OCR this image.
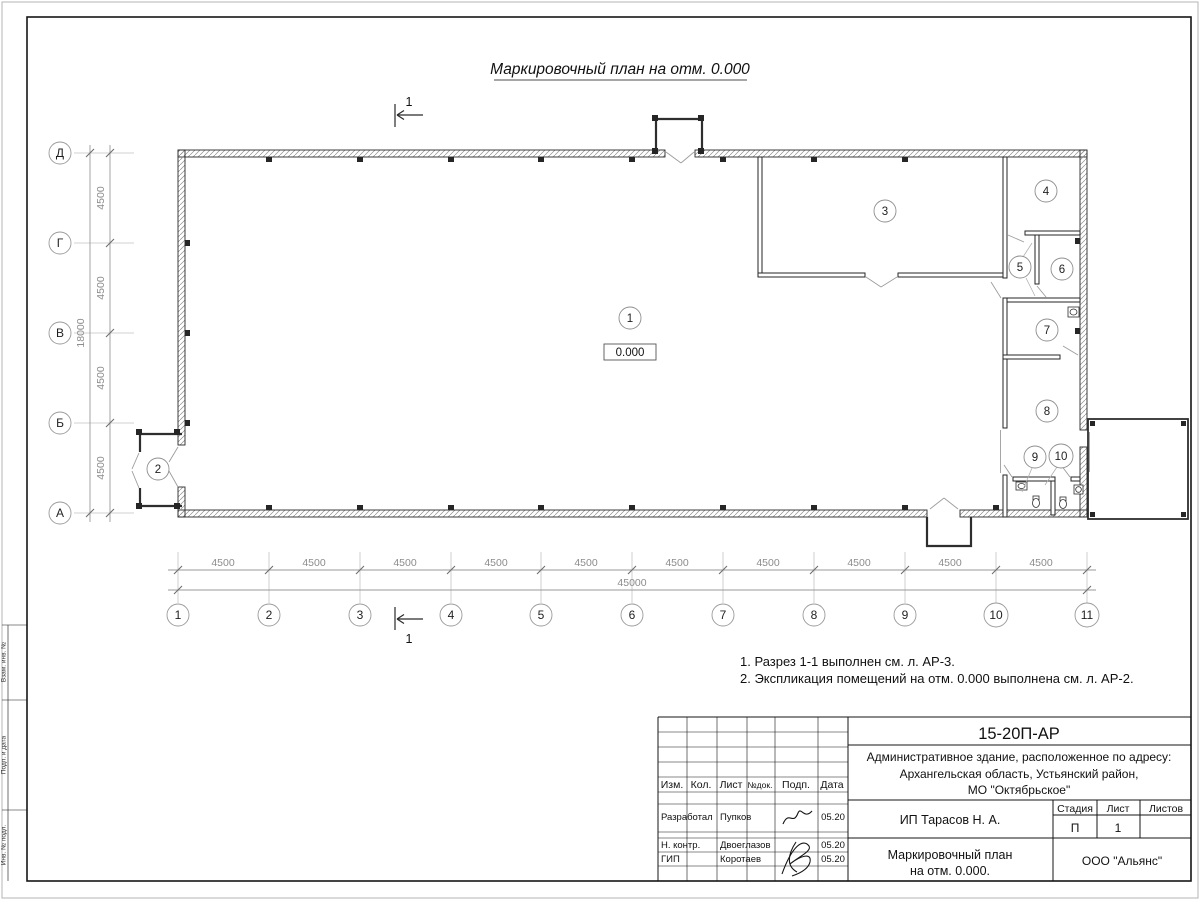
Взам. инв. №
Подп. и дата
Инв. № подл.
Маркировочный план на отм. 0.000
1
2
3
4
5	6
7
8
9 10
0.000
1
1
4500	4500	4500	4500	4500	4500	4500	4500	4500	4500
45000
4500
4500
4500
4500
18000
1	2	3	4	5	6	7	8	9	10	11
Д
Г
В
Б
А
1. Разрез 1-1 выполнен см. л. АР-3.
2. Экспликация помещений на отм. 0.000 выполнена см. л. АР-2.
Изм. Кол. Лист №док. Подп. Дата
Разработал Пупков	05.20
Н. контр. Двоеглазов	05.20
ГИП	Коротаев	05.20
15-20П-АР
Административное здание, расположенное по адресу:
Архангельская область, Устьянский район,
МО "Октябрьское"
ИП Тарасов Н. А.
Стадия Лист Листов
П	1
Маркировочный план
на отм. 0.000.
ООО "Альянс"
